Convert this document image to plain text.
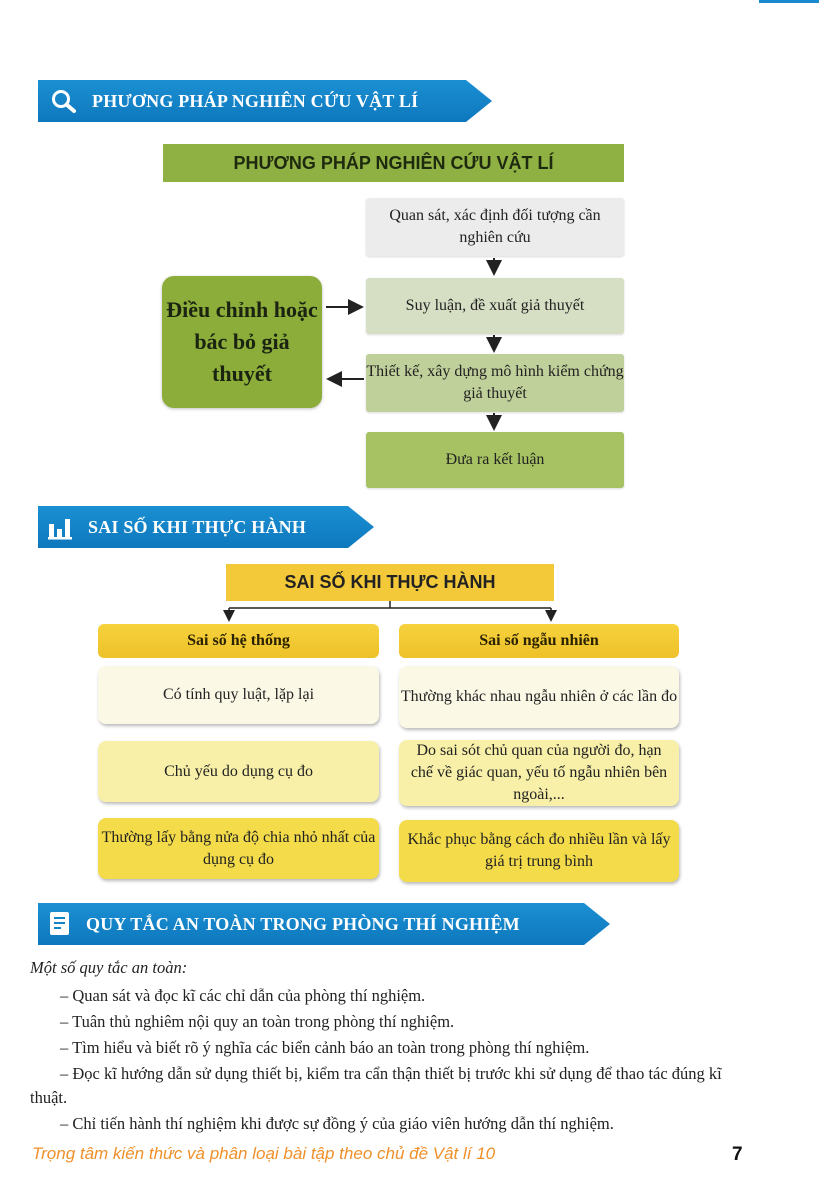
PHƯƠNG PHÁP NGHIÊN CỨU VẬT LÍ
PHƯƠNG PHÁP NGHIÊN CỨU VẬT LÍ
Quan sát, xác định đối tượng cần nghiên cứu
Suy luận, đề xuất giả thuyết
Thiết kế, xây dựng mô hình kiểm chứng giả thuyết
Đưa ra kết luận
Điều chỉnh hoặc bác bỏ giả thuyết
SAI SỐ KHI THỰC HÀNH
SAI SỐ KHI THỰC HÀNH
Sai số hệ thống	Sai số ngẫu nhiên
Có tính quy luật, lặp lại
Chủ yếu do dụng cụ đo
Thường lấy bằng nửa độ chia nhỏ nhất của dụng cụ đo
Thường khác nhau ngẫu nhiên ở các lần đo
Do sai sót chủ quan của người đo, hạn chế về giác quan, yếu tố ngẫu nhiên bên ngoài,...
Khắc phục bằng cách đo nhiều lần và lấy giá trị trung bình
QUY TẮC AN TOÀN TRONG PHÒNG THÍ NGHIỆM
Một số quy tắc an toàn:
– Quan sát và đọc kĩ các chỉ dẫn của phòng thí nghiệm.
– Tuân thủ nghiêm nội quy an toàn trong phòng thí nghiệm.
– Tìm hiểu và biết rõ ý nghĩa các biển cảnh báo an toàn trong phòng thí nghiệm.
– Đọc kĩ hướng dẫn sử dụng thiết bị, kiểm tra cẩn thận thiết bị trước khi sử dụng để thao tác đúng kĩ thuật.
– Chỉ tiến hành thí nghiệm khi được sự đồng ý của giáo viên hướng dẫn thí nghiệm.
Trọng tâm kiến thức và phân loại bài tập theo chủ đề Vật lí 10	7
